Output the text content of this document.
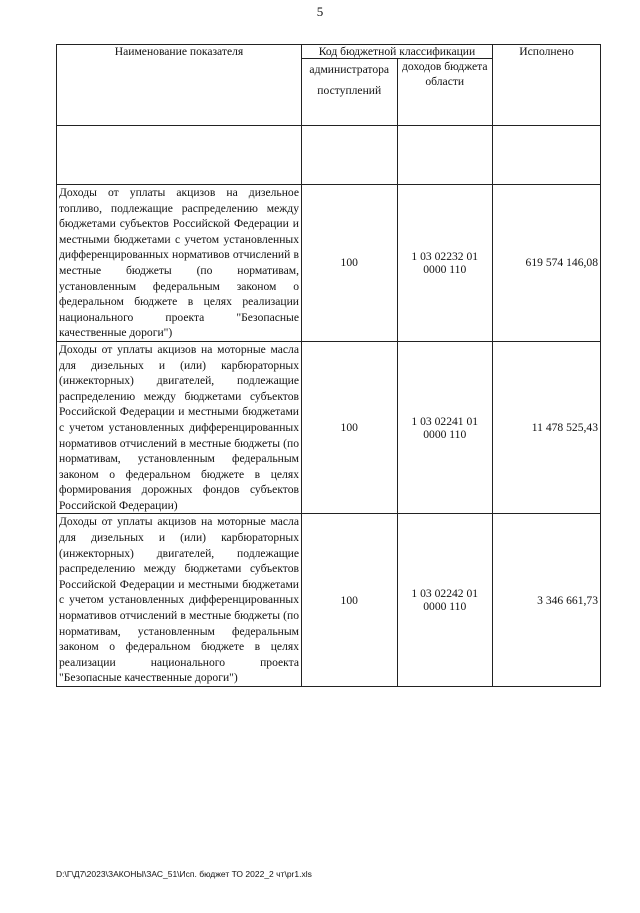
5
Наименование показателя	Код бюджетной классификации		Исполнено
	администратора поступлений	доходов бюджета области	

Доходы от уплаты акцизов на дизельное топливо, подлежащие распределению между бюджетами субъектов Российской Федерации и местными бюджетами с учетом установленных дифференцированных нормативов отчислений в местные бюджеты (по нормативам, установленным федеральным законом о федеральном бюджете в целях реализации национального проекта "Безопасные качественные дороги")	100	1 03 02232 01 0000 110	619 574 146,08
Доходы от уплаты акцизов на моторные масла для дизельных и (или) карбюраторных (инжекторных) двигателей, подлежащие распределению между бюджетами субъектов Российской Федерации и местными бюджетами с учетом установленных дифференцированных нормативов отчислений в местные бюджеты (по нормативам, установленным федеральным законом о федеральном бюджете в целях формирования дорожных фондов субъектов Российской Федерации)	100	1 03 02241 01 0000 110	11 478 525,43
Доходы от уплаты акцизов на моторные масла для дизельных и (или) карбюраторных (инжекторных) двигателей, подлежащие распределению между бюджетами субъектов Российской Федерации и местными бюджетами с учетом установленных дифференцированных нормативов отчислений в местные бюджеты (по нормативам, установленным федеральным законом о федеральном бюджете в целях реализации национального проекта "Безопасные качественные дороги")	100	1 03 02242 01 0000 110	3 346 661,73
D:\Г\Д7\2023\ЗАКОНЫ\ЗАС_51\Исп. бюджет ТО 2022_2 чт\pr1.xls
